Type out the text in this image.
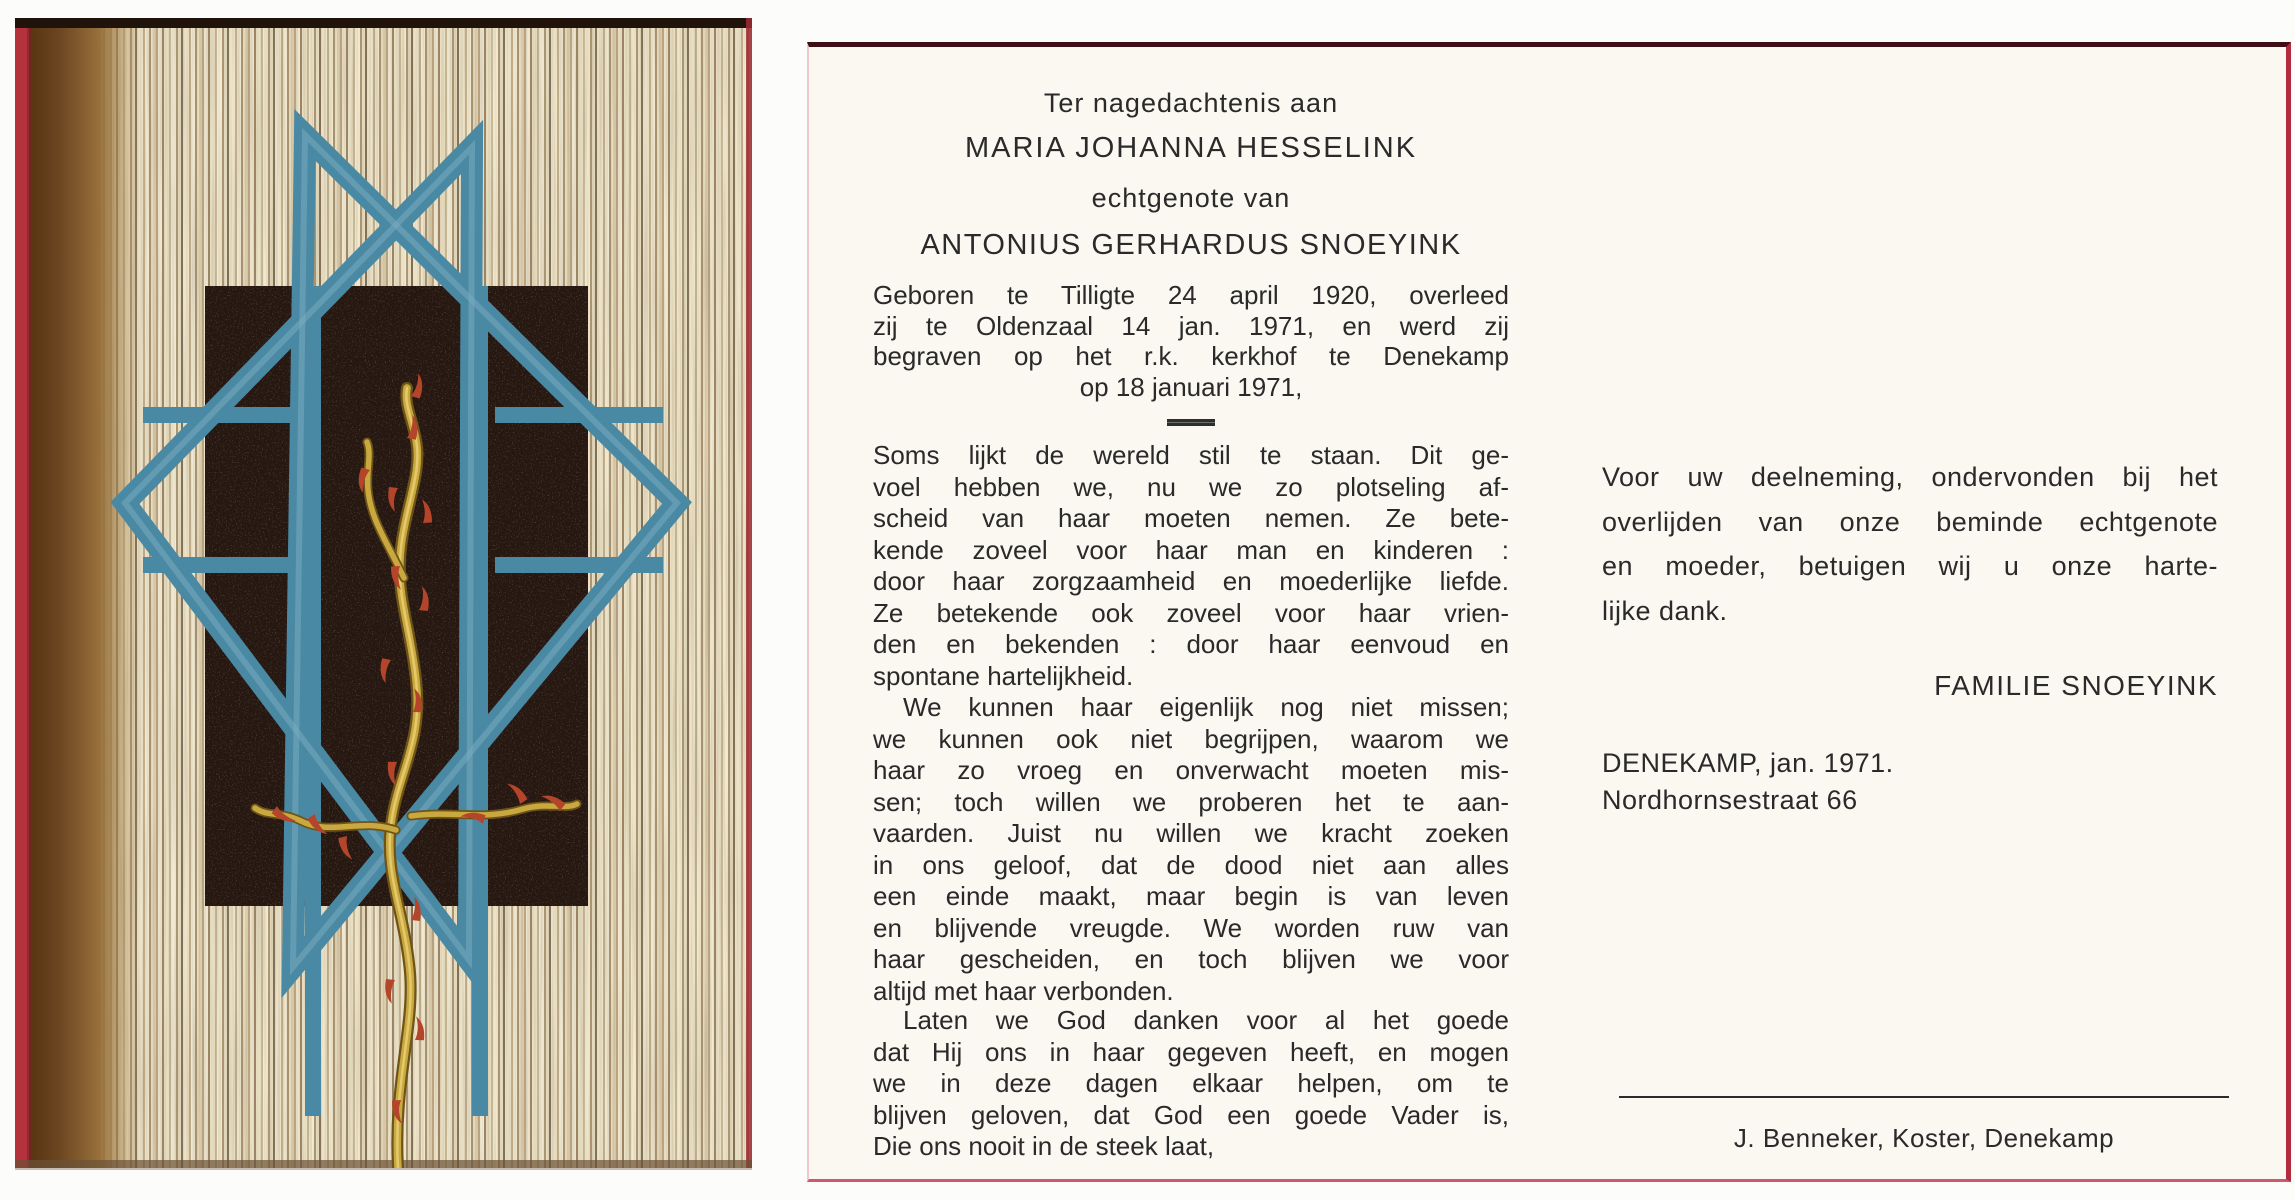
Ter nagedachtenis aan
MARIA JOHANNA HESSELINK
echtgenote van
ANTONIUS GERHARDUS SNOEYINK
Geboren te Tilligte 24 april 1920, overleed
zij te Oldenzaal 14 jan. 1971, en werd zij
begraven op het r.k. kerkhof te Denekamp
op 18 januari 1971,
Soms lijkt de wereld stil te staan. Dit ge-
voel hebben we, nu we zo plotseling af-
scheid van haar moeten nemen. Ze bete-
kende zoveel voor haar man en kinderen :
door haar zorgzaamheid en moederlijke liefde.
Ze betekende ook zoveel voor haar vrien-
den en bekenden : door haar eenvoud en
spontane hartelijkheid.
We kunnen haar eigenlijk nog niet missen;
we kunnen ook niet begrijpen, waarom we
haar zo vroeg en onverwacht moeten mis-
sen; toch willen we proberen het te aan-
vaarden. Juist nu willen we kracht zoeken
in ons geloof, dat de dood niet aan alles
een einde maakt, maar begin is van leven
en blijvende vreugde. We worden ruw van
haar gescheiden, en toch blijven we voor
altijd met haar verbonden.
Laten we God danken voor al het goede
dat Hij ons in haar gegeven heeft, en mogen
we in deze dagen elkaar helpen, om te
blijven geloven, dat God een goede Vader is,
Die ons nooit in de steek laat,
Voor uw deelneming, ondervonden bij het
overlijden van onze beminde echtgenote
en moeder, betuigen wij u onze harte-
lijke dank.
FAMILIE SNOEYINK
DENEKAMP, jan. 1971.
Nordhornsestraat 66
J. Benneker, Koster, Denekamp
